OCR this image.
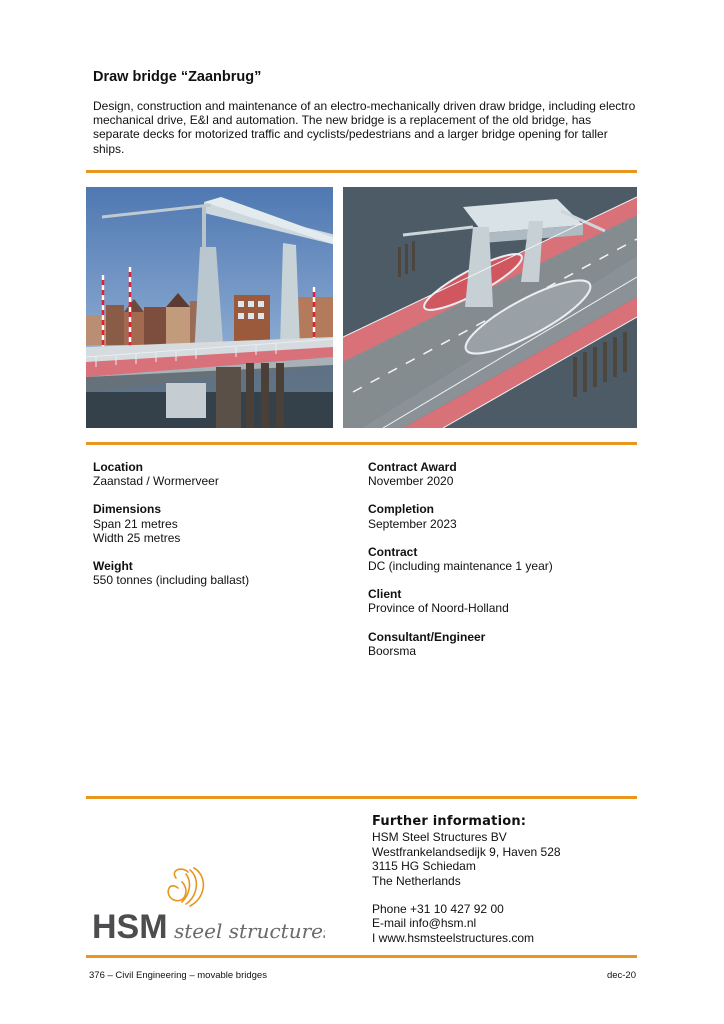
Draw bridge “Zaanbrug”

Design, construction and maintenance of an electro-mechanically driven draw bridge, including electro mechanical drive, E&I and automation. The new bridge is a replacement of the old bridge, has separate decks for motorized traffic and cyclists/pedestrians and a larger bridge opening for taller ships.

Location
Zaanstad / Wormerveer
Dimensions
Span 21 metres
Width 25 metres
Weight
550 tonnes (including ballast)
Contract Award
November 2020
Completion
September 2023
Contract
DC (including maintenance 1 year)
Client
Province of Noord-Holland
Consultant/Engineer
Boorsma
HSM steel structures
Further information:
HSM Steel Structures BV
Westfrankelandsedijk 9, Haven 528
3115 HG Schiedam
The Netherlands
Phone +31 10 427 92 00
E-mail info@hsm.nl
I www.hsmsteelstructures.com
376 – Civil Engineering – movable bridges	dec-20
